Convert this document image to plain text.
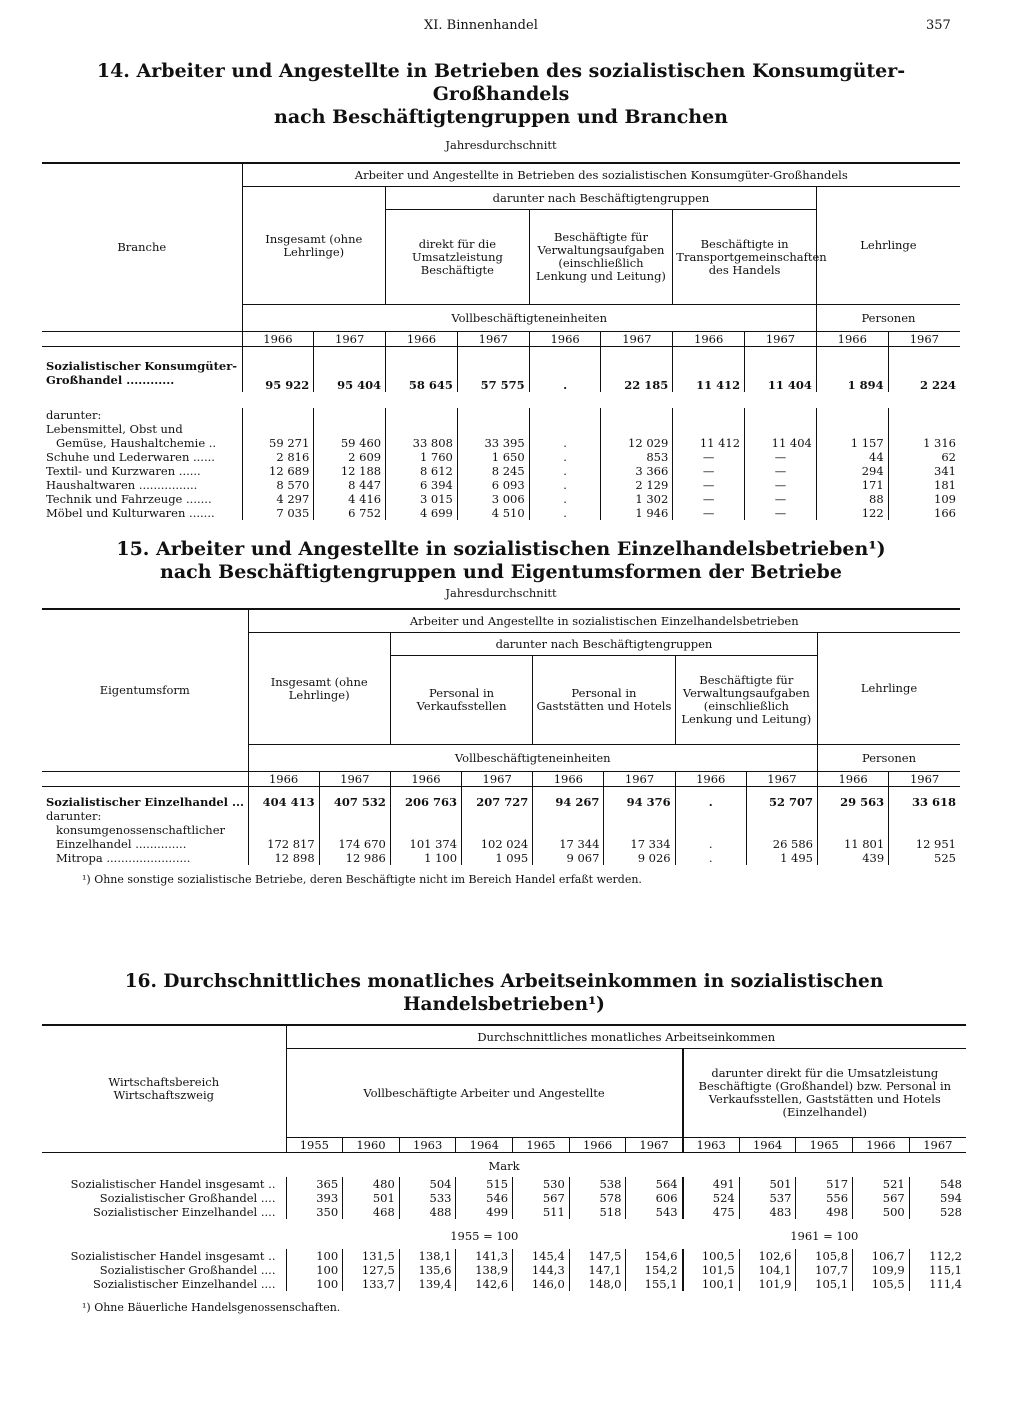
XI. Binnenhandel	357
14. Arbeiter und Angestellte in Betrieben des sozialistischen Konsumgüter-Großhandels
nach Beschäftigtengruppen und Branchen
Jahresdurchschnitt
Branche	Arbeiter und Angestellte in Betrieben des sozialistischen Konsumgüter-Großhandels									
	Insgesamt (ohne Lehrlinge)		darunter nach Beschäftigtengruppen						Lehrlinge	
			direkt für die Umsatzleistung Beschäftigte		Beschäftigte für Verwaltungsaufgaben (einschließlich Lenkung und Leitung)		Beschäftigte in Transportgemeinschaften des Handels			
	Vollbeschäftigteneinheiten								Personen	
	1966	1967	1966	1967	1966	1967	1966	1967	1966	1967

Sozialistischer Konsumgüter-										
Großhandel ............										
		95 922	95 404	58 645	57 575	.	22 185	11 412	11 404	1 894	2 224
darunter:										
Lebensmittel, Obst und										
Gemüse, Haushaltchemie ..	59 271	59 460	33 808	33 395	.	12 029	11 412	11 404	1 157	1 316
Schuhe und Lederwaren ......	2 816	2 609	1 760	1 650	.	853	—	—	44	62
Textil- und Kurzwaren ......	12 689	12 188	8 612	8 245	.	3 366	—	—	294	341
Haushaltwaren ................	8 570	8 447	6 394	6 093	.	2 129	—	—	171	181
Technik und Fahrzeuge .......	4 297	4 416	3 015	3 006	.	1 302	—	—	88	109
Möbel und Kulturwaren .......	7 035	6 752	4 699	4 510	.	1 946	—	—	122	166
15. Arbeiter und Angestellte in sozialistischen Einzelhandelsbetrieben¹)
nach Beschäftigtengruppen und Eigentumsformen der Betriebe
Jahresdurchschnitt
Eigentumsform	Arbeiter und Angestellte in sozialistischen Einzelhandelsbetrieben									
	Insgesamt (ohne Lehrlinge)		darunter nach Beschäftigtengruppen						Lehrlinge	
			Personal in Verkaufsstellen		Personal in Gaststätten und Hotels		Beschäftigte für Verwaltungsaufgaben (einschließlich Lenkung und Leitung)			
	Vollbeschäftigteneinheiten								Personen	
	1966	1967	1966	1967	1966	1967	1966	1967	1966	1967

Sozialistischer Einzelhandel ...	404 413	407 532	206 763	207 727	94 267	94 376	.	52 707	29 563	33 618
darunter:										
konsumgenossenschaftlicher										
Einzelhandel ..............	172 817	174 670	101 374	102 024	17 344	17 334	.	26 586	11 801	12 951
Mitropa .......................	12 898	12 986	1 100	1 095	9 067	9 026	.	1 495	439	525
¹) Ohne sonstige sozialistische Betriebe, deren Beschäftigte nicht im Bereich Handel erfaßt werden.
16. Durchschnittliches monatliches Arbeitseinkommen in sozialistischen Handelsbetrieben¹)
Wirtschaftsbereich Wirtschaftszweig	Durchschnittliches monatliches Arbeitseinkommen											
	Vollbeschäftigte Arbeiter und Angestellte							darunter direkt für die Umsatzleistung Beschäftigte (Großhandel) bzw. Personal in Verkaufsstellen, Gaststätten und Hotels (Einzelhandel)				
	1955	1960	1963	1964	1965	1966	1967	1963	1964	1965	1966	1967
Mark												
Sozialistischer Handel insgesamt ..	365	480	504	515	530	538	564	491	501	517	521	548
Sozialistischer Großhandel ....	393	501	533	546	567	578	606	524	537	556	567	594
Sozialistischer Einzelhandel ....	350	468	488	499	511	518	543	475	483	498	500	528
	1955 = 100							1961 = 100				
Sozialistischer Handel insgesamt ..	100	131,5	138,1	141,3	145,4	147,5	154,6	100,5	102,6	105,8	106,7	112,2
Sozialistischer Großhandel ....	100	127,5	135,6	138,9	144,3	147,1	154,2	101,5	104,1	107,7	109,9	115,1
Sozialistischer Einzelhandel ....	100	133,7	139,4	142,6	146,0	148,0	155,1	100,1	101,9	105,1	105,5	111,4
¹) Ohne Bäuerliche Handelsgenossenschaften.
